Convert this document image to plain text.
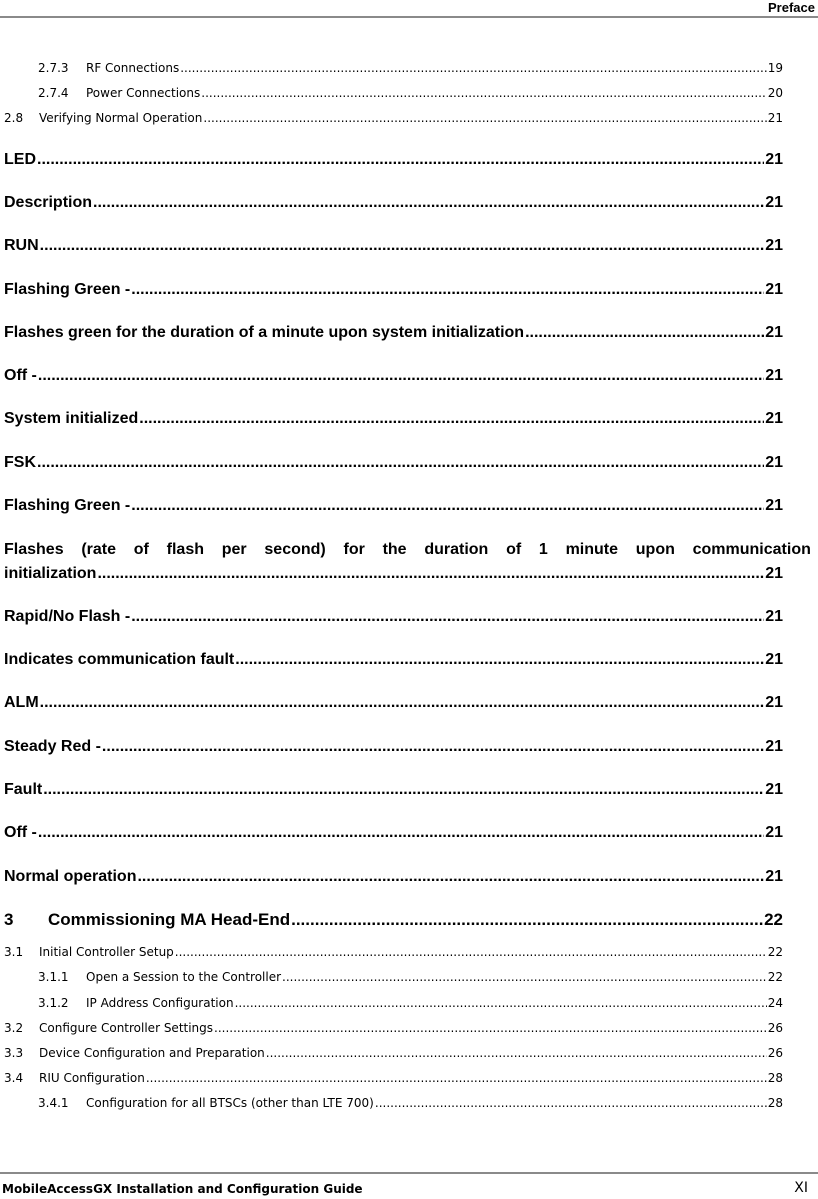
Preface
2.7.3 RF Connections .....	19
2.7.4 Power Connections .....	20
2.8 Verifying Normal Operation .....	21
LED .....	21
Description .....	21
RUN .....	21
Flashing Green - .....	21
Flashes green for the duration of a minute upon system initialization .....	21
Off - .....	21
System initialized .....	21
FSK .....	21
Flashing Green - .....	21
Flashes (rate of flash per second) for the duration of 1 minute upon communication
initialization .....	21
Rapid/No Flash - .....	21
Indicates communication fault .....	21
ALM .....	21
Steady Red - .....	21
Fault .....	21
Off - .....	21
Normal operation .....	21
3 Commissioning MA Head-End .....	22
3.1 Initial Controller Setup .....	22
3.1.1 Open a Session to the Controller .....	22
3.1.2 IP Address Configuration .....	24
3.2 Configure Controller Settings .....	26
3.3 Device Configuration and Preparation .....	26
3.4 RIU Configuration .....	28
3.4.1 Configuration for all BTSCs (other than LTE 700) .....	28
MobileAccessGX Installation and Configuration Guide	XI
